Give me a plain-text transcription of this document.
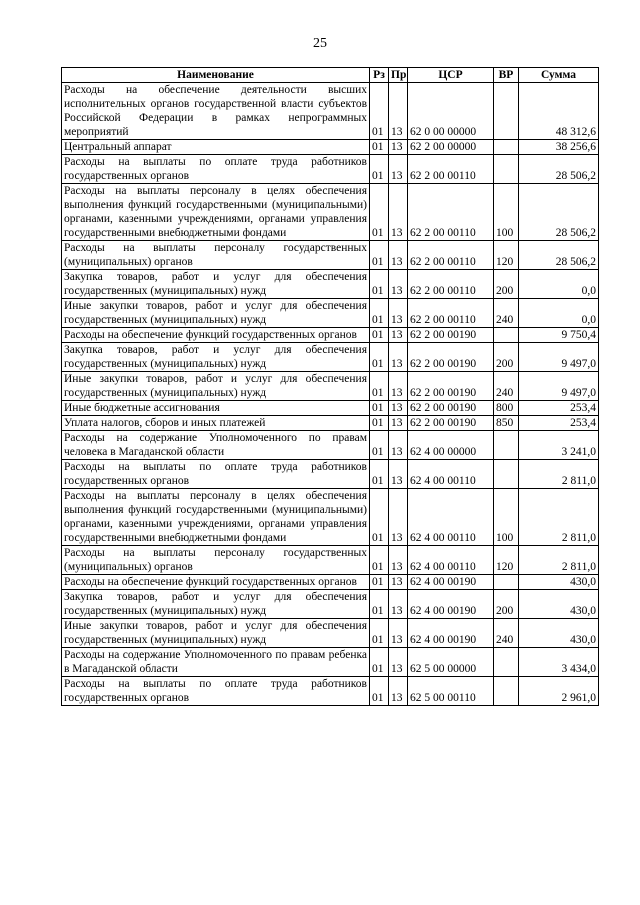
25
Наименование	Рз	Пр	ЦСР	ВР	Сумма
Расходы на обеспечение деятельности высших исполнительных органов государственной власти субъектов Российской Федерации в рамках непрограммных мероприятий	01	13	62 0 00 00000		48 312,6
Центральный аппарат	01	13	62 2 00 00000		38 256,6
Расходы на выплаты по оплате труда работников государственных органов	01	13	62 2 00 00110		28 506,2
Расходы на выплаты персоналу в целях обеспечения выполнения функций государственными (муниципальными) органами, казенными учреждениями, органами управления государственными внебюджетными фондами	01	13	62 2 00 00110	100	28 506,2
Расходы на выплаты персоналу государственных (муниципальных) органов	01	13	62 2 00 00110	120	28 506,2
Закупка товаров, работ и услуг для обеспечения государственных (муниципальных) нужд	01	13	62 2 00 00110	200	0,0
Иные закупки товаров, работ и услуг для обеспечения государственных (муниципальных) нужд	01	13	62 2 00 00110	240	0,0
Расходы на обеспечение функций государственных органов	01	13	62 2 00 00190		9 750,4
Закупка товаров, работ и услуг для обеспечения государственных (муниципальных) нужд	01	13	62 2 00 00190	200	9 497,0
Иные закупки товаров, работ и услуг для обеспечения государственных (муниципальных) нужд	01	13	62 2 00 00190	240	9 497,0
Иные бюджетные ассигнования	01	13	62 2 00 00190	800	253,4
Уплата налогов, сборов и иных платежей	01	13	62 2 00 00190	850	253,4
Расходы на содержание Уполномоченного по правам человека в Магаданской области	01	13	62 4 00 00000		3 241,0
Расходы на выплаты по оплате труда работников государственных органов	01	13	62 4 00 00110		2 811,0
Расходы на выплаты персоналу в целях обеспечения выполнения функций государственными (муниципальными) органами, казенными учреждениями, органами управления государственными внебюджетными фондами	01	13	62 4 00 00110	100	2 811,0
Расходы на выплаты персоналу государственных (муниципальных) органов	01	13	62 4 00 00110	120	2 811,0
Расходы на обеспечение функций государственных органов	01	13	62 4 00 00190		430,0
Закупка товаров, работ и услуг для обеспечения государственных (муниципальных) нужд	01	13	62 4 00 00190	200	430,0
Иные закупки товаров, работ и услуг для обеспечения государственных (муниципальных) нужд	01	13	62 4 00 00190	240	430,0
Расходы на содержание Уполномоченного по правам ребенка в Магаданской области	01	13	62 5 00 00000		3 434,0
Расходы на выплаты по оплате труда работников государственных органов	01	13	62 5 00 00110		2 961,0
